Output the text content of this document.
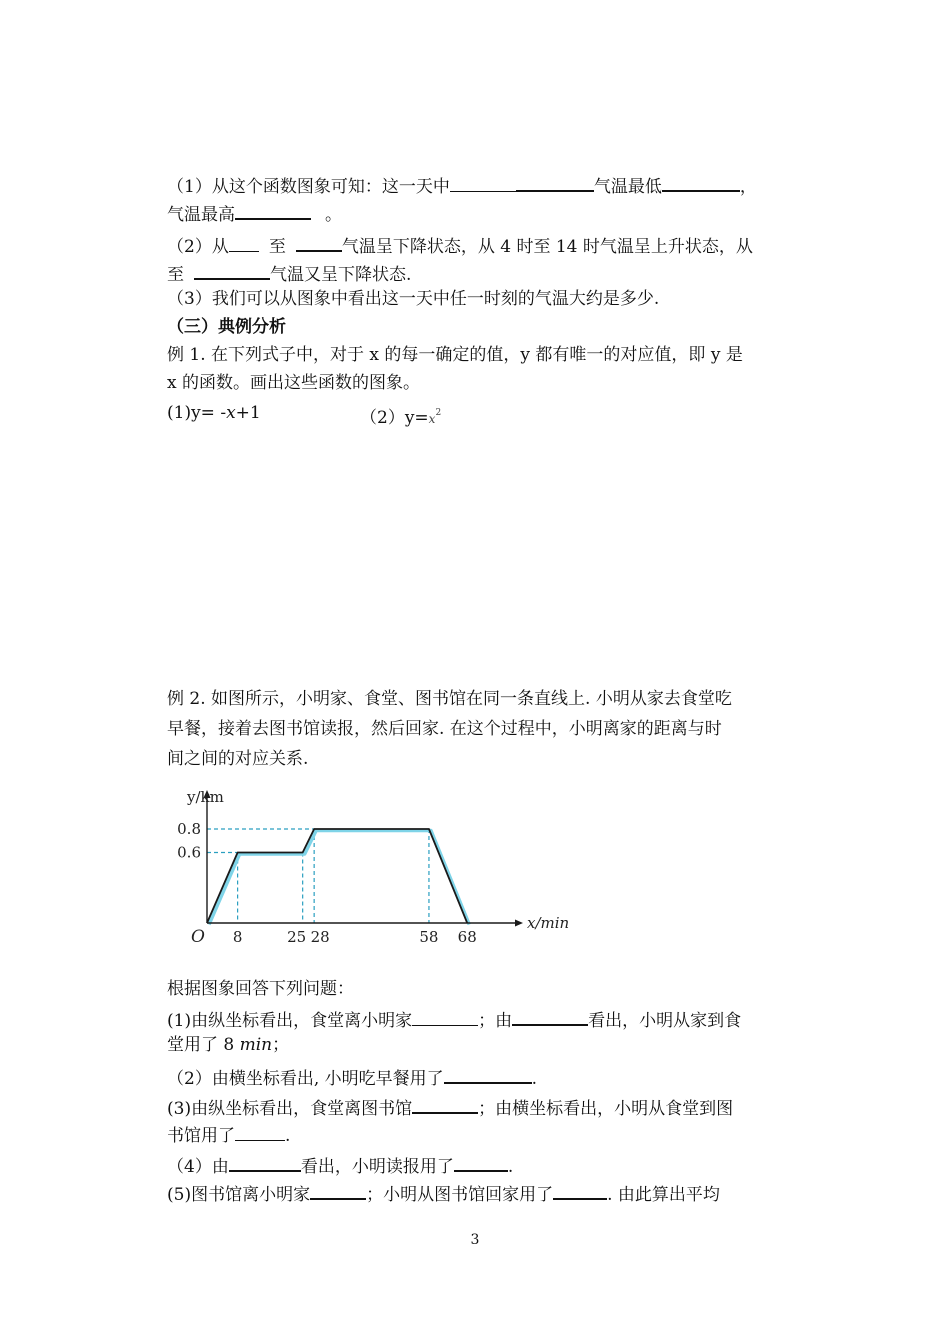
（1）从这个函数图象可知：这一天中	气温最低	，
气温最高	。
（2）从 至	气温呈下降状态，从 4 时至 14 时气温呈上升状态，从
至	气温又呈下降状态.
（3）我们可以从图象中看出这一天中任一时刻的气温大约是多少.
（三）典例分析
例 1. 在下列式子中，对于 x 的每一确定的值，y 都有唯一的对应值，即 y 是
x 的函数。画出这些函数的图象。
(1)y= -x+1	$(2)y=x^2$
例 2. 如图所示，小明家、食堂、图书馆在同一条直线上. 小明从家去食堂吃
早餐，接着去图书馆读报，然后回家. 在这个过程中，小明离家的距离与时
间之间的对应关系.
y/km
x/min
O
0.6
0.8
8	25 28	58 68
根据图象回答下列问题：
(1)由纵坐标看出，食堂离小明家	；由	看出，小明从家到食
堂用了 8 min；
（2）由横坐标看出, 小明吃早餐用了	.
(3)由纵坐标看出，食堂离图书馆	；由横坐标看出，小明从食堂到图
书馆用了	.
（4）由	看出，小明读报用了	.
(5)图书馆离小明家	；小明从图书馆回家用了	. 由此算出平均
3
